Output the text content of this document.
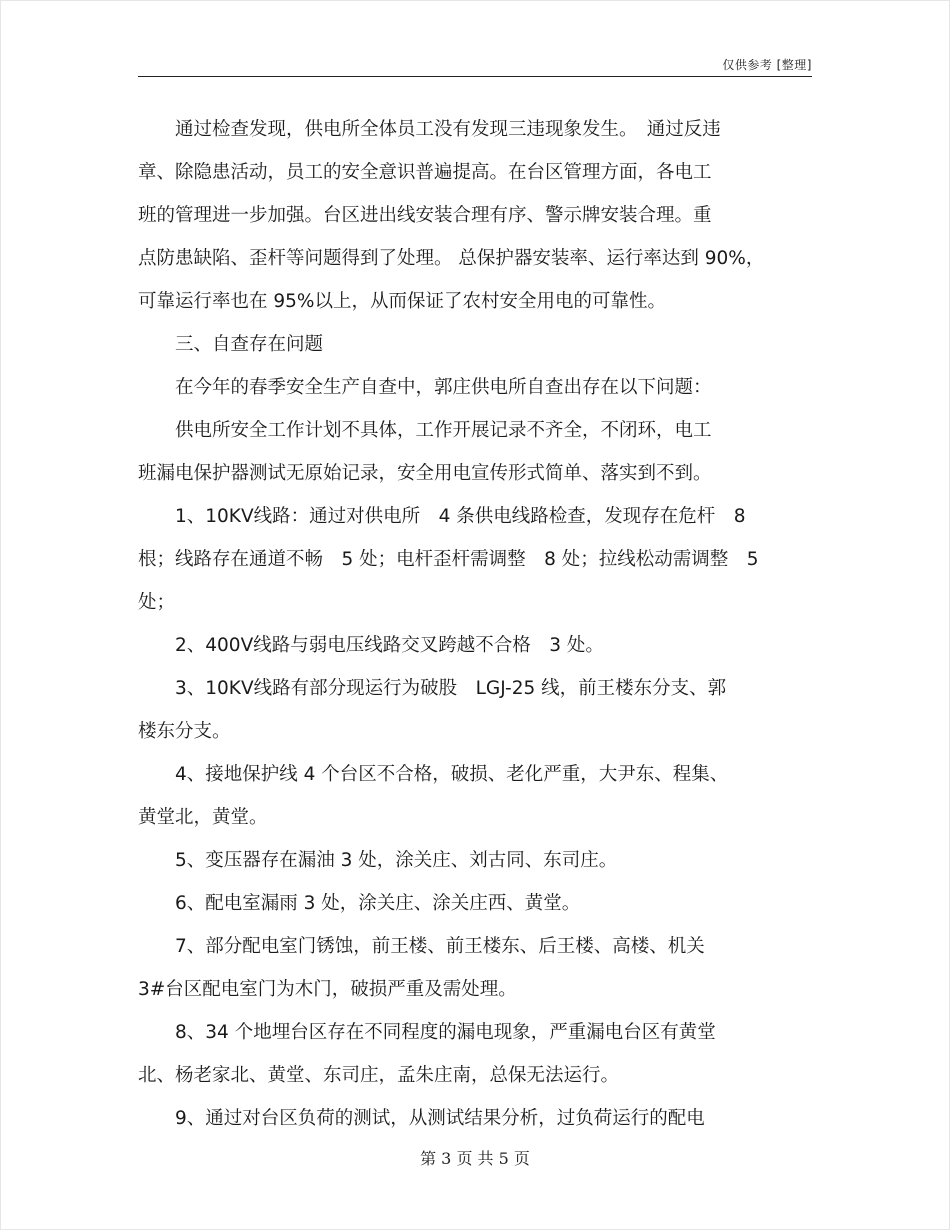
仅供参考 [整理]
　　通过检查发现，供电所全体员工没有发现三违现象发生。　通过反违
章、除隐患活动，员工的安全意识普遍提高。在台区管理方面，各电工
班的管理进一步加强。台区进出线安装合理有序、警示牌安装合理。重
点防患缺陷、歪杆等问题得到了处理。 总保护器安装率、运行率达到 90%，
可靠运行率也在 95%以上，从而保证了农村安全用电的可靠性。
　　三、自查存在问题
　　在今年的春季安全生产自查中，郭庄供电所自查出存在以下问题：
　　供电所安全工作计划不具体，工作开展记录不齐全，不闭环，电工
班漏电保护器测试无原始记录，安全用电宣传形式简单、落实到不到。
　　1、10KV线路：通过对供电所　4 条供电线路检查，发现存在危杆　8
根；线路存在通道不畅　5 处；电杆歪杆需调整　8 处；拉线松动需调整　5
处；
　　2、400V线路与弱电压线路交叉跨越不合格　3 处。
　　3、10KV线路有部分现运行为破股　LGJ-25 线，前王楼东分支、郭
楼东分支。
　　4、接地保护线 4 个台区不合格，破损、老化严重，大尹东、程集、
黄堂北，黄堂。
　　5、变压器存在漏油 3 处，涂关庄、刘古同、东司庄。
　　6、配电室漏雨 3 处，涂关庄、涂关庄西、黄堂。
　　7、部分配电室门锈蚀，前王楼、前王楼东、后王楼、高楼、机关
3#台区配电室门为木门，破损严重及需处理。
　　8、34 个地埋台区存在不同程度的漏电现象，严重漏电台区有黄堂
北、杨老家北、黄堂、东司庄，孟朱庄南，总保无法运行。
　　9、通过对台区负荷的测试，从测试结果分析，过负荷运行的配电
第 3 页 共 5 页
